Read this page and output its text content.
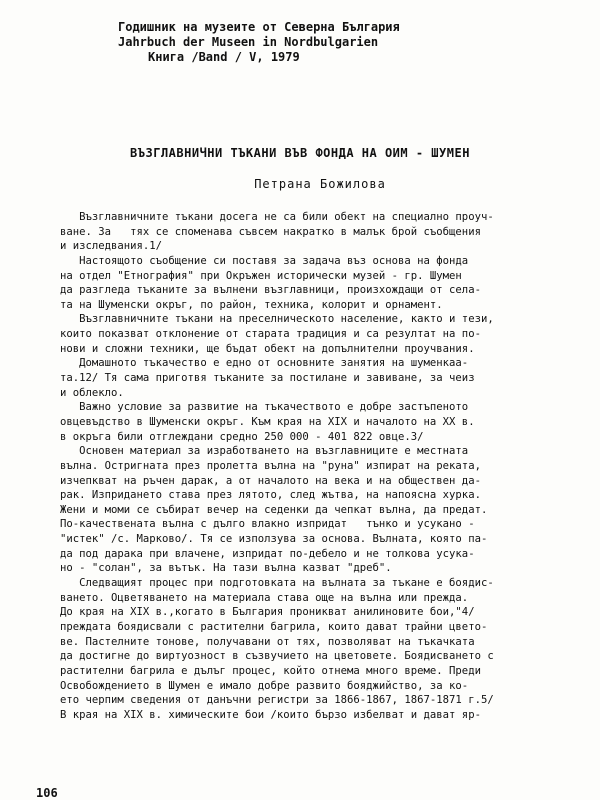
Годишник на музеите от Северна България
Jahrbuch der Museen in Nordbulgarien
Книга /Band / V, 1979
ВЪЗГЛАВНИЧНИ ТЪКАНИ ВЪВ ФОНДА НА ОИМ - ШУМЕН
Петрана Божилова
Възглавничните тъкани досега не са били обект на специално проуч-
ване. За   тях се споменава съвсем накратко в малък брой съобщения
и изследвания.1/
Настоящото съобщение си поставя за задача въз основа на фонда
на отдел "Етнография" при Окръжен исторически музей - гр. Шумен
да разгледа тъканите за вълнени възглавници, произхождащи от села-
та на Шуменски окръг, по район, техника, колорит и орнамент.
Възглавничните тъкани на преселническото население, както и тези,
които показват отклонение от старата традиция и са резултат на по-
нови и сложни техники, ще бъдат обект на допълнителни проучвания.
Домашното тъкачество е едно от основните занятия на шуменкаа-
та.12/ Тя сама приготвя тъканите за постилане и завиване, за чеиз
и облекло.
Важно условие за развитие на тъкачеството е добре застъпеното
овцевъдство в Шуменски окръг. Към края на XIX и началото на XX в.
в окръга били отглеждани средно 250 000 - 401 822 овце.3/
Основен материал за изработването на възглавниците е местната
вълна. Остригната през пролетта вълна на "руна" изпират на реката,
изчепкват на ръчен дарак, а от началото на века и на обществен да-
рак. Изпридането става през лятото, след жътва, на напоясна хурка.
Жени и моми се събират вечер на седенки да чепкат вълна, да предат.
По-качествената вълна с дълго влакно изпридат   тънко и усукано -
"истек" /с. Марково/. Тя се използува за основа. Вълната, която па-
да под дарака при влачене, изпридат по-дебело и не толкова усука-
но - "солан", за вътък. На тази вълна казват "дреб".
Следващият процес при подготовката на вълната за тъкане е боядис-
ването. Оцветяването на материала става още на вълна или прежда.
До края на XIX в.,когато в България проникват анилиновите бои,"4/
преждата боядисвали с растителни багрила, които дават трайни цвето-
ве. Пастелните тонове, получавани от тях, позволяват на тъкачката
да достигне до виртуозност в съзвучието на цветовете. Боядисването с
растителни багрила е дълъг процес, който отнема много време. Преди
Освобождението в Шумен е имало добре развито бояджийство, за ко-
ето черпим сведения от данъчни регистри за 1866-1867, 1867-1871 г.5/
В края на XIX в. химическите бои /които бързо избелват и дават яр-
106
